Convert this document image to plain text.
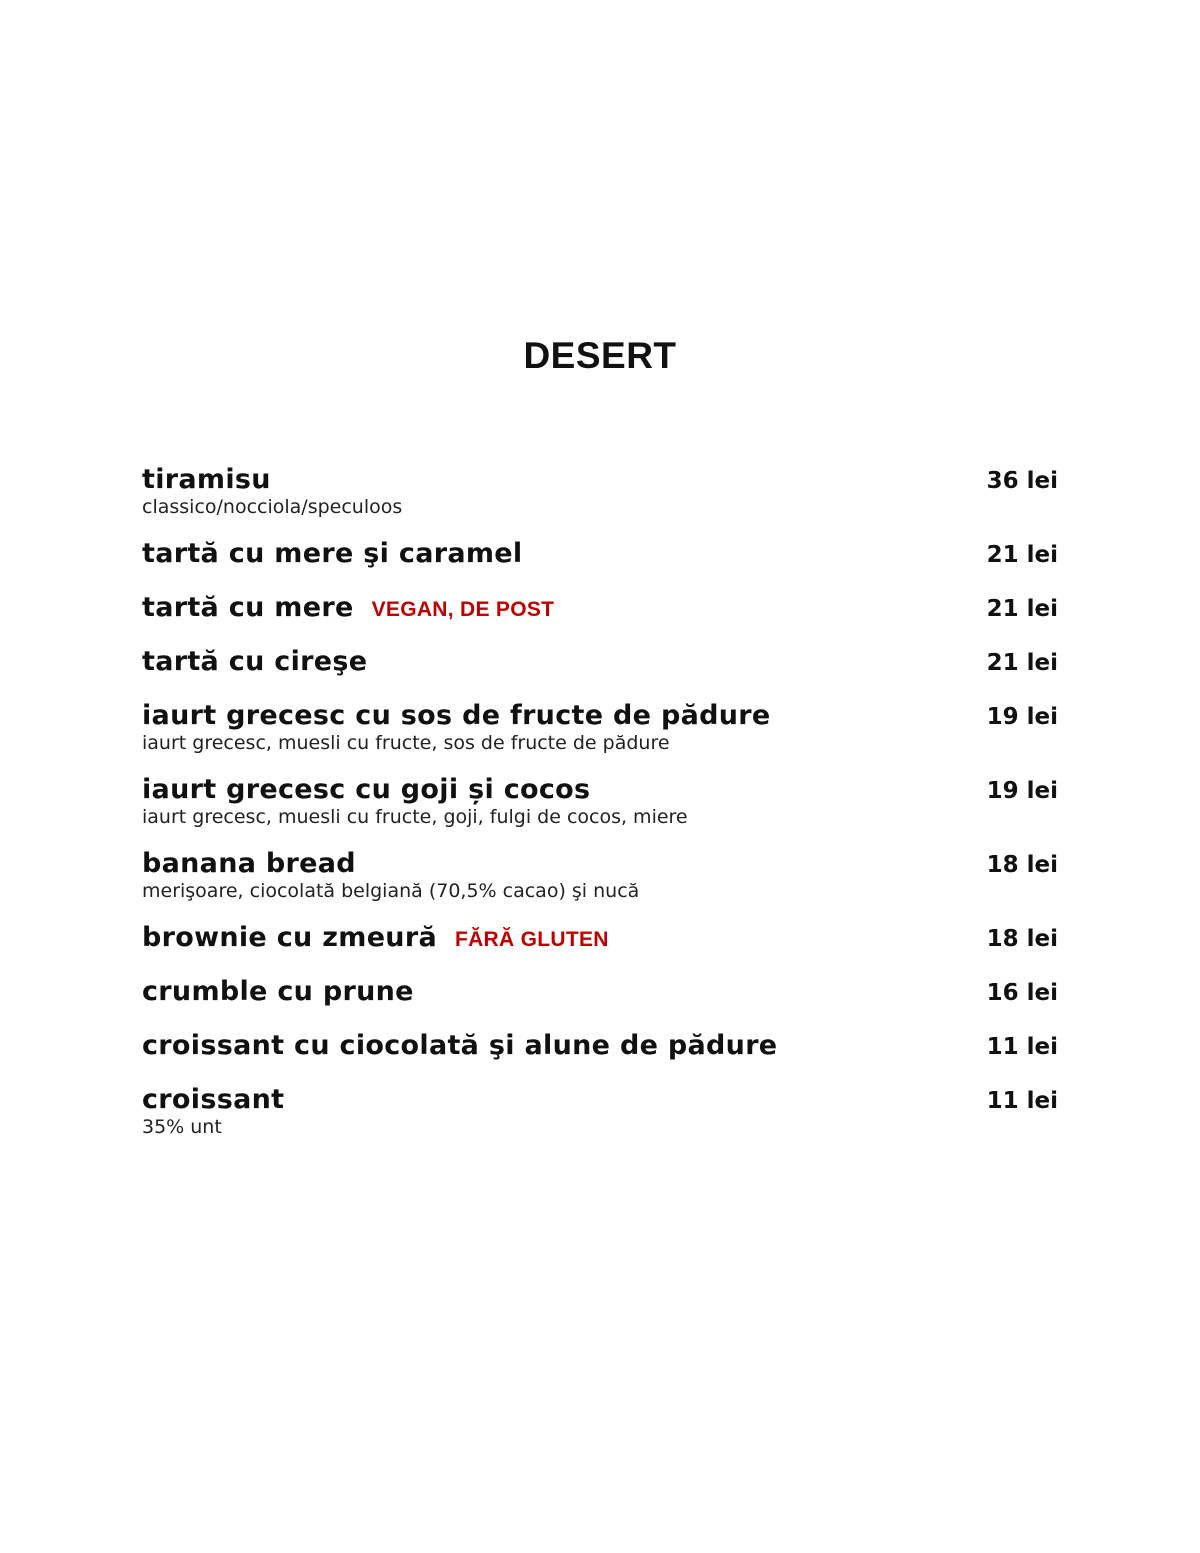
DESERT
tiramisu	36 lei
classico/nocciola/speculoos
tartă cu mere şi caramel	21 lei
tartă cu mere VEGAN, DE POST	21 lei
tartă cu cireşe	21 lei
iaurt grecesc cu sos de fructe de pădure	19 lei
iaurt grecesc, muesli cu fructe, sos de fructe de pădure
iaurt grecesc cu goji și cocos	19 lei
iaurt grecesc, muesli cu fructe, goji, fulgi de cocos, miere
banana bread	18 lei
merişoare, ciocolată belgiană (70,5% cacao) şi nucă
brownie cu zmeură FĂRĂ GLUTEN	18 lei
crumble cu prune	16 lei
croissant cu ciocolată şi alune de pădure	11 lei
croissant	11 lei
35% unt
